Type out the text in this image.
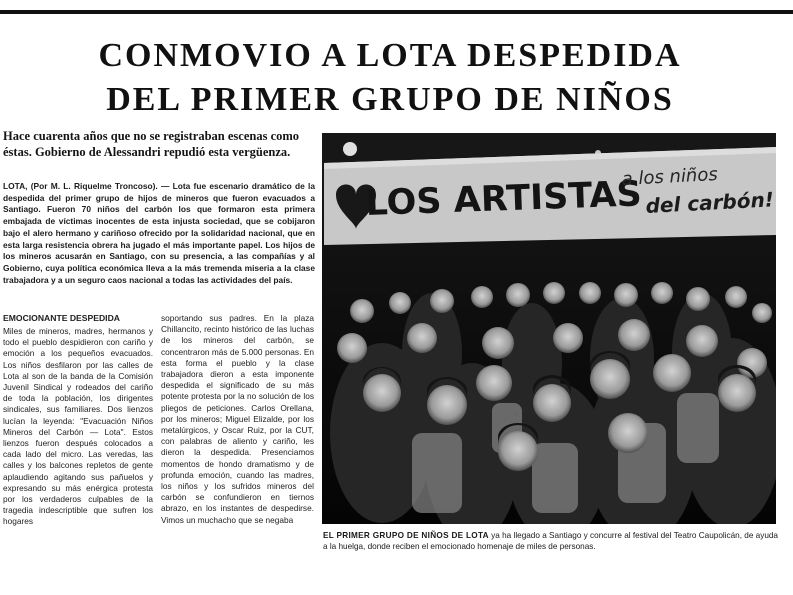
CONMOVIO A LOTA DESPEDIDA
DEL PRIMER GRUPO DE NIÑOS
Hace cuarenta años que no se registraban escenas como éstas. Gobierno de Alessandri repudió esta vergüenza.
LOTA, (Por M. L. Riquelme Troncoso). — Lota fue escenario dramático de la despedida del primer grupo de hijos de mineros que fueron evacuados a Santiago. Fueron 70 niños del carbón los que formaron esta primera embajada de víctimas inocentes de esta injusta sociedad, que se cobijaron bajo el alero hermano y cariñoso ofrecido por la solidaridad nacional, que en esta larga resistencia obrera ha jugado el más importante papel. Los hijos de los mineros acusarán en Santiago, con su presencia, a las compañías y al Gobierno, cuya política económica lleva a la más tremenda miseria a la clase trabajadora y a un seguro caos nacional a todas las actividades del país.
EMOCIONANTE DESPEDIDA
Miles de mineros, madres, hermanos y todo el pueblo despidieron con cariño y emoción a los pequeños evacuados. Los niños desfilaron por las calles de Lota al son de la banda de la Comisión Juvenil Sindical y rodeados del cariño de toda la población, los dirigentes sindicales, sus familiares. Dos lienzos lucían la leyenda: "Evacuación Niños Mineros del Carbón — Lota". Estos lienzos fueron después colocados a cada lado del micro. Las veredas, las calles y los balcones repletos de gente aplaudiendo agitando sus pañuelos y expresando su más enérgica protesta por los verdaderos culpables de la tragedia indescriptible que sufren los hogares
soportando sus padres. En la plaza Chillancito, recinto histórico de las luchas de los mineros del carbón, se concentraron más de 5.000 personas. En esta forma el pueblo y la clase trabajadora dieron a esta imponente despedida el significado de su más potente protesta por la no solución de los pliegos de peticiones. Carlos Orellana, por los mineros; Miguel Elizalde, por los metalúrgicos, y Oscar Ruiz, por la CUT, con palabras de aliento y cariño, les dieron la despedida. Presenciamos momentos de hondo dramatismo y de profunda emoción, cuando las madres, los niños y los sufridos mineros del carbón se confundieron en tiernos abrazo, en los instantes de despedirse. Vimos un muchacho que se negaba
LOS ARTISTAS
a los niños
del carbón!
EL PRIMER GRUPO DE NIÑOS DE LOTA ya ha llegado a Santiago y concurre al festival del Teatro Caupolicán, de ayuda a la huelga, donde reciben el emocionado homenaje de miles de personas.
